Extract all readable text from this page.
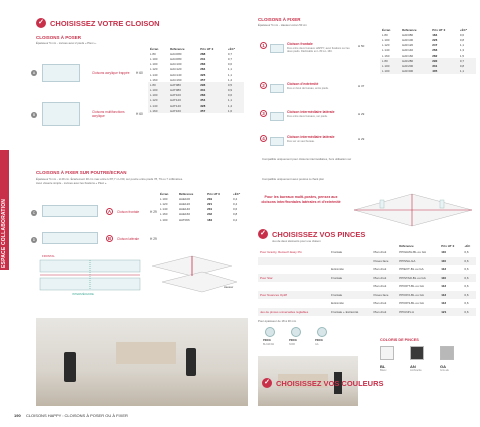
ESPACE COLLABORATION
✓ CHOISISSEZ VOTRE CLOISON
CLOISONS À POSER
Épaisseur 5 mm - Livrées avec 2 pieds « Plexi ».
A	Cloisons acrylique frappée H 60
B
Cloisons multifonctions acrylique	H 60
Écran	Référence	Prix HT €	+ÉC*
L 80	HAC080	288	0,7
L 100	HAC080	231	0,7
L 100	HAC100	283	0,6
L 120	HAC120	284	1,1
L 140	HAC140	326	1,1
L 160	HAC160	357	1,4
L 80	HAT080	296	0,5
L 100	HAT080	331	0,9
L 100	HAT100	283	0,6
L 120	HAT120	354	1,1
L 140	HAT140	328	1,4
L 160	HAT160	357	1,6
CLOISONS À FIXER SUR POUTRE/ECRAN
Épaisseur 5 mm - H 29 cm. Écartement 30 cm max entre H 87,7 x H 60, sur poutre entre pieds 78, 79 ou 7 millimètres.
Avec visserie simple - Livrées avec les fixations « Plexi ».
C	A	Cloison frontale	H 29
D	B	Cloison latérale	H 29
Écran	Référence	Prix HT €	+ÉC*
L 100	HAE100	219	0,4
L 120	HAE120	221	0,4
L 140	HAE140	231	0,6
L 160	HAE160	242	0,8
L 100	HAT066	184	0,2
FRONTAL
INTERMÉDIAIRE
Hauteur
CLOISONS À FIXER
Épaisseur 5 mm - Hauteur écran 50 cm
Écran	Référence	Prix HT €	+ÉC*
L 80	HAF080	184	0,6
L 100	HAF100	226	0,8
L 120	HAF120	247	1,1
L 140	HAF140	266	1,3
L 160	HAF160	282	1,5
L 80	HAF280	290	0,7
L 100	HAF200	331	0,8
L 100	HAF300	405	1,1
1	Cloison frontale
Fixe entre deux bureaux HAPPY, avec fixations sur les deux pieds. Déclinable en L 80 à L 160.
H 50
2	Cloison d'extrémité
Fixe en bout de bureau, entre pieds.
H 37
3	Cloison intermédiaire latérale
Fixe entre deux bureaux, sur pieds.
H 29
4	Cloison intermédiaire latérale
Fixe sur un seul bureau.
H 29
Compatible uniquement pour cloisons intermédiaires, hors utilisation sur
Compatible uniquement avec poutres à chant plat
Pour les bureaux multi-postes, pensez aux cloisons inter/frontales latérales et d'extrémité
✓ CHOISISSEZ VOS PINCES
Jeu de deux éléments pour une cloison
			Référence	Prix HT €	+ÉC
Pour Gravity, Retouch Easy Pin	Frontale	Plan droit	PPIGRAV-BL ou GA	110	0,6
		Poses face	PPISSA-GA	110	0,6
	Extrémité	Plan droit	PPIEXT-BL ou GA	113	0,6
Pour Star	Frontale	Plan droit	PPISTAR-BL ou GA	110	0,6
		Plan droit	PPIOPT-BL ou GA	113	0,6
Pour Nuances Optiff	Frontale	Poses face	PPIOP2-BL ou GA	113	0,6
	Extrémité	Plan droit	PPIOP3-BL ou GA	113	0,6
Jeu de pinces universelles réglables	Frontale + Extrémité	Plan droit	PPIUNIV-A	121	0,6
Pour épaisseur de 18 à 30 mm
PINCE
BL/GR/AN
PINCE
NOIR
PINCE
GA
COLORIS DE PINCES
✓ CHOISISSEZ VOS COULEURS
BL
Blanc
AN
Anthracite
GA
Gris alu
190 CLOISONS HAPPY : CLOISONS À POSER OU À FIXER
